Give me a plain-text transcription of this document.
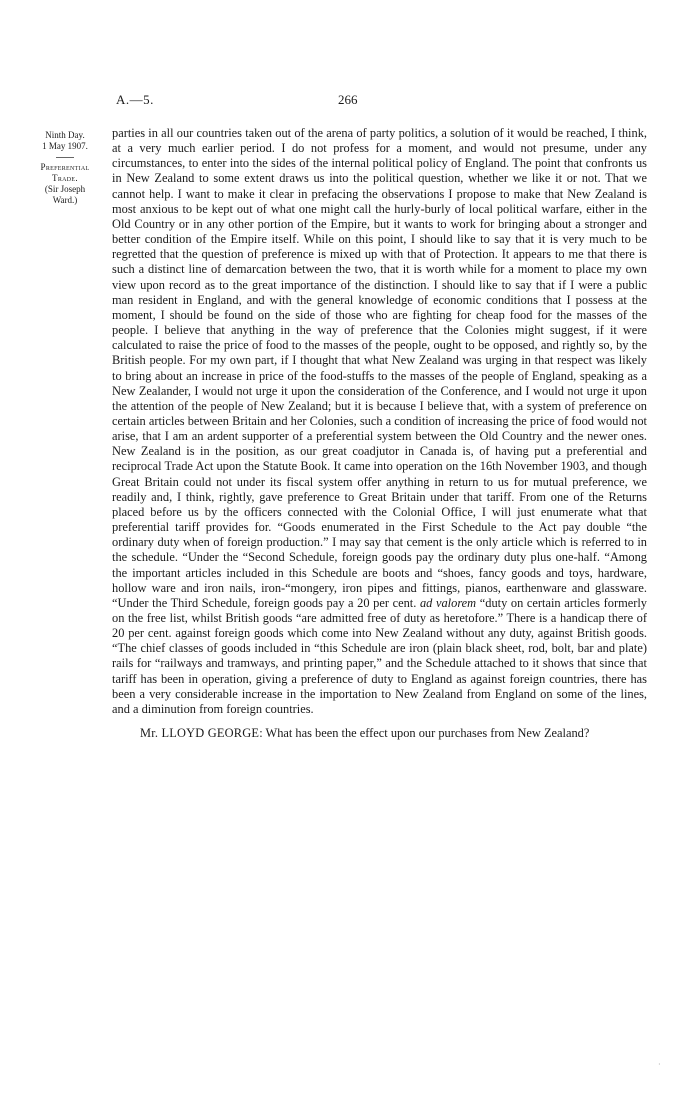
A.—5.	266
Ninth Day.
1 May 1907.
Preferential
Trade.
(Sir Joseph
Ward.)

parties in all our countries taken out of the arena of party politics, a solution of it would be reached, I think, at a very much earlier period. I do not profess for a moment, and would not presume, under any circumstances, to enter into the sides of the internal political policy of England. The point that confronts us in New Zealand to some extent draws us into the political question, whether we like it or not. That we cannot help. I want to make it clear in prefacing the observations I propose to make that New Zealand is most anxious to be kept out of what one might call the hurly-burly of local political warfare, either in the Old Country or in any other portion of the Empire, but it wants to work for bringing about a stronger and better condition of the Empire itself. While on this point, I should like to say that it is very much to be regretted that the question of preference is mixed up with that of Protection. It appears to me that there is such a distinct line of demarcation between the two, that it is worth while for a moment to place my own view upon record as to the great importance of the distinction. I should like to say that if I were a public man resident in England, and with the general knowledge of economic conditions that I possess at the moment, I should be found on the side of those who are fighting for cheap food for the masses of the people. I believe that anything in the way of preference that the Colonies might suggest, if it were calculated to raise the price of food to the masses of the people, ought to be opposed, and rightly so, by the British people. For my own part, if I thought that what New Zealand was urging in that respect was likely to bring about an increase in price of the food-stuffs to the masses of the people of England, speaking as a New Zealander, I would not urge it upon the consideration of the Conference, and I would not urge it upon the attention of the people of New Zealand; but it is because I believe that, with a system of preference on certain articles between Britain and her Colonies, such a condition of increasing the price of food would not arise, that I am an ardent supporter of a preferential system between the Old Country and the newer ones. New Zealand is in the position, as our great coadjutor in Canada is, of having put a preferential and reciprocal Trade Act upon the Statute Book. It came into operation on the 16th November 1903, and though Great Britain could not under its fiscal system offer anything in return to us for mutual preference, we readily and, I think, rightly, gave preference to Great Britain under that tariff. From one of the Returns placed before us by the officers connected with the Colonial Office, I will just enumerate what that preferential tariff provides for. “Goods enumerated in the First Schedule to the Act pay double “the ordinary duty when of foreign production.” I may say that cement is the only article which is referred to in the schedule. “Under the “Second Schedule, foreign goods pay the ordinary duty plus one-half. “Among the important articles included in this Schedule are boots and “shoes, fancy goods and toys, hardware, hollow ware and iron nails, iron-“mongery, iron pipes and fittings, pianos, earthenware and glassware. “Under the Third Schedule, foreign goods pay a 20 per cent. ad valorem “duty on certain articles formerly on the free list, whilst British goods “are admitted free of duty as heretofore.” There is a handicap there of 20 per cent. against foreign goods which come into New Zealand without any duty, against British goods. “The chief classes of goods included in “this Schedule are iron (plain black sheet, rod, bolt, bar and plate) rails for “railways and tramways, and printing paper,” and the Schedule attached to it shows that since that tariff has been in operation, giving a preference of duty to England as against foreign countries, there has been a very considerable increase in the importation to New Zealand from England on some of the lines, and a diminution from foreign countries.

Mr. LLOYD GEORGE: What has been the effect upon our purchases from New Zealand?

·
